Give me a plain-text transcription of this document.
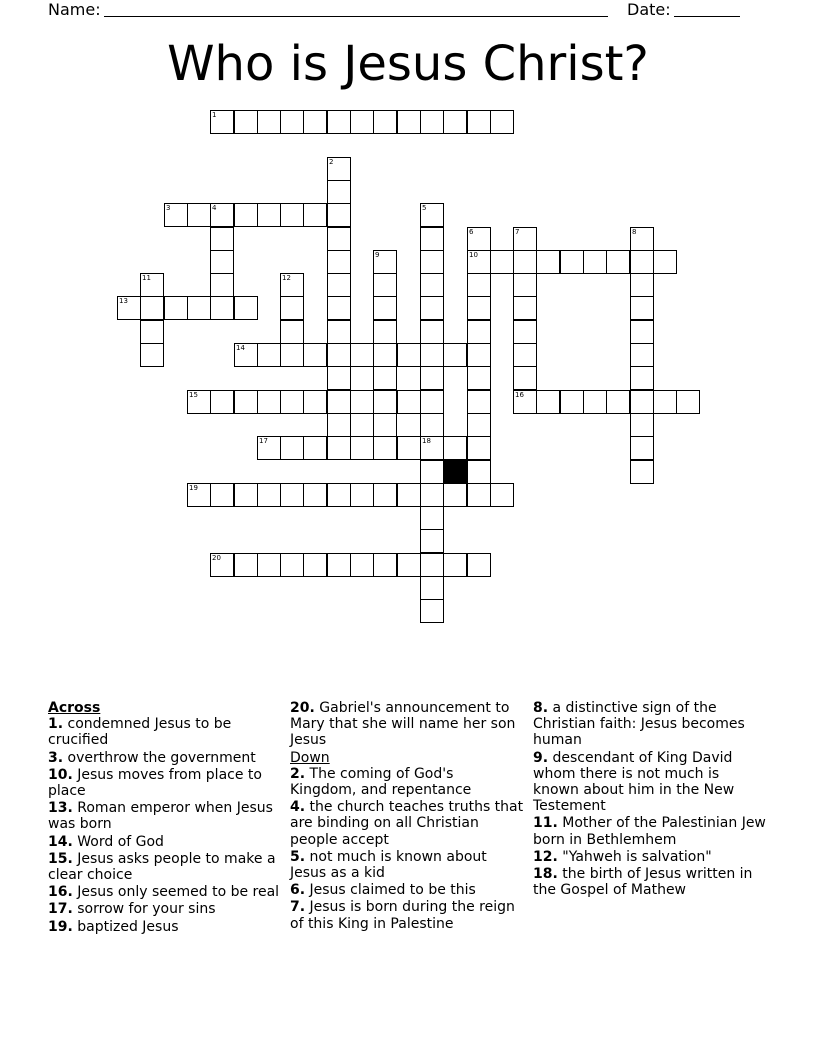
Name:	Date:
Who is Jesus Christ?
1
3	4
10
13
14
15	16
17	18
19
20
2
5
6	7	8
9
11	12
Across
1. condemned Jesus to be crucified
3. overthrow the government
10. Jesus moves from place to place
13. Roman emperor when Jesus was born
14. Word of God
15. Jesus asks people to make a clear choice
16. Jesus only seemed to be real
17. sorrow for your sins
19. baptized Jesus
20. Gabriel's announcement to Mary that she will name her son Jesus
Down
2. The coming of God's Kingdom, and repentance
4. the church teaches truths that are binding on all Christian people accept
5. not much is known about Jesus as a kid
6. Jesus claimed to be this
7. Jesus is born during the reign of this King in Palestine
8. a distinctive sign of the Christian faith: Jesus becomes human
9. descendant of King David whom there is not much is known about him in the New Testement
11. Mother of the Palestinian Jew born in Bethlemhem
12. "Yahweh is salvation"
18. the birth of Jesus written in the Gospel of Mathew
